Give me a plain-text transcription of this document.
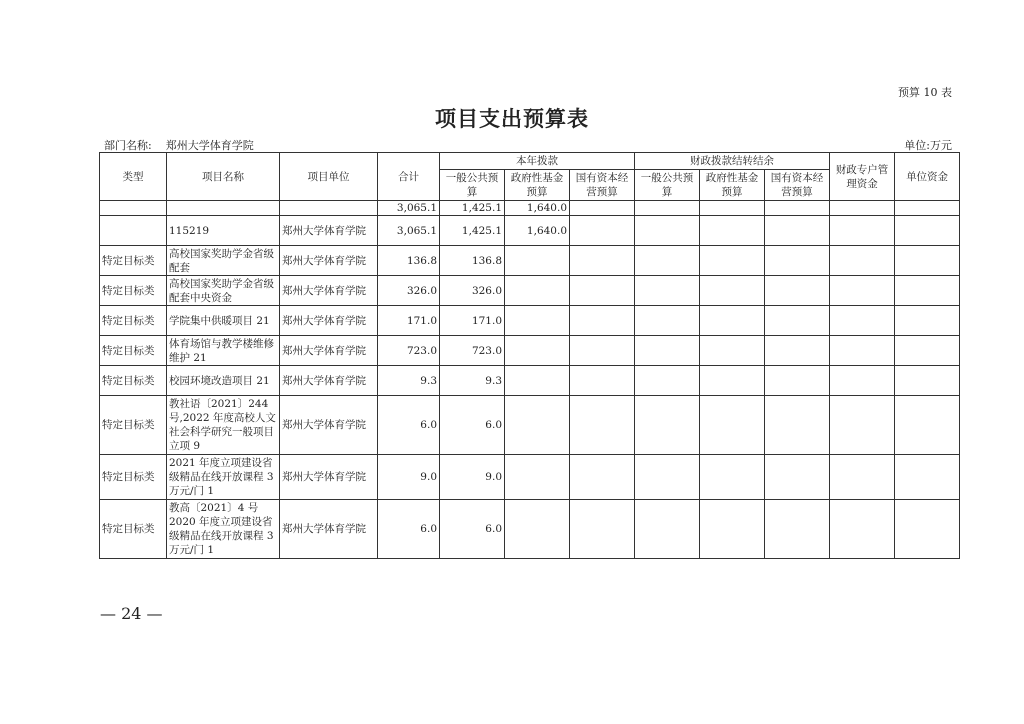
预算 10 表
项目支出预算表
部门名称: 郑州大学体育学院	单位:万元
类型	项目名称	项目单位	合计	本年拨款			财政拨款结转结余			财政专户管理资金	单位资金
				一般公共预算	政府性基金预算	国有资本经营预算	一般公共预算	政府性基金预算	国有资本经营预算		
			3,065.1	1,425.1	1,640.0						
	115219	郑州大学体育学院	3,065.1	1,425.1	1,640.0						
特定目标类	高校国家奖助学金省级配套	郑州大学体育学院	136.8	136.8							
特定目标类	高校国家奖助学金省级配套中央资金	郑州大学体育学院	326.0	326.0							
特定目标类	学院集中供暖项目 21	郑州大学体育学院	171.0	171.0							
特定目标类	体育场馆与教学楼维修维护 21	郑州大学体育学院	723.0	723.0							
特定目标类	校园环境改造项目 21	郑州大学体育学院	9.3	9.3							
特定目标类	教社语〔2021〕244号,2022 年度高校人文社会科学研究一般项目立项 9	郑州大学体育学院	6.0	6.0							
特定目标类	2021 年度立项建设省级精品在线开放课程 3 万元/门 1	郑州大学体育学院	9.0	9.0							
特定目标类	教高〔2021〕4 号 2020 年度立项建设省级精品在线开放课程 3 万元/门 1	郑州大学体育学院	6.0	6.0							
— 24 —
